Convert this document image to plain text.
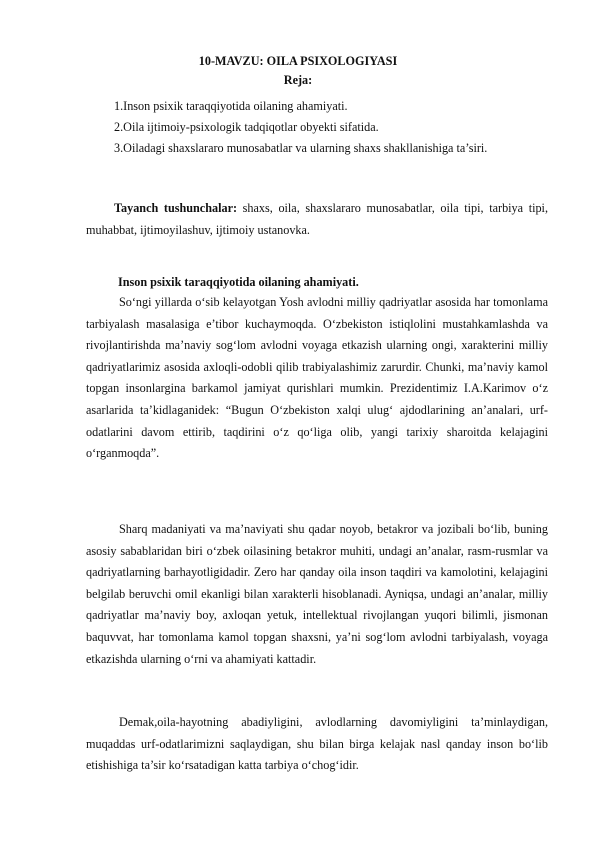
10-MAVZU: OILA PSIXOLOGIYASI
Reja:
1.Inson psixik taraqqiyotida oilaning ahamiyati.
2.Oila ijtimoiy-psixologik tadqiqotlar obyekti sifatida.
3.Oiladagi shaxslararo munosabatlar va ularning shaxs shakllanishiga ta’siri.

Tayanch tushunchalar: shaxs, oila, shaxslararo munosabatlar, oila tipi, tarbiya tipi, muhabbat, ijtimoyilashuv, ijtimoiy ustanovka.

Inson psixik taraqqiyotida oilaning ahamiyati.

So‘ngi yillarda o‘sib kelayotgan Yosh avlodni milliy qadriyatlar asosida har tomonlama tarbiyalash masalasiga e’tibor kuchaymoqda. O‘zbekiston istiqlolini mustahkamlashda va rivojlantirishda ma’naviy sog‘lom avlodni voyaga etkazish ularning ongi, xarakterini milliy qadriyatlarimiz asosida axloqli-odobli qilib trabiyalashimiz zarurdir. Chunki, ma’naviy kamol topgan insonlargina barkamol jamiyat qurishlari mumkin. Prezidentimiz I.A.Karimov o‘z asarlarida ta’kidlaganidek: “Bugun O‘zbekiston xalqi ulug‘ ajdodlarining an’analari, urf-odatlarini davom ettirib, taqdirini o‘z qo‘liga olib, yangi tarixiy sharoitda kelajagini o‘rganmoqda”.

Sharq madaniyati va ma’naviyati shu qadar noyob, betakror va jozibali bo‘lib, buning asosiy sabablaridan biri o‘zbek oilasining betakror muhiti, undagi an’analar, rasm-rusmlar va qadriyatlarning barhayotligidadir. Zero har qanday oila inson taqdiri va kamolotini, kelajagini belgilab beruvchi omil ekanligi bilan xarakterli hisoblanadi. Ayniqsa, undagi an’analar, milliy qadriyatlar ma’naviy boy, axloqan yetuk, intellektual rivojlangan yuqori bilimli, jismonan baquvvat, har tomonlama kamol topgan shaxsni, ya’ni sog‘lom avlodni tarbiyalash, voyaga etkazishda ularning o‘rni va ahamiyati kattadir.

Demak,oila-hayotning abadiyligini, avlodlarning davomiyligini ta’minlaydigan, muqaddas urf-odatlarimizni saqlaydigan, shu bilan birga kelajak nasl qanday inson bo‘lib etishishiga ta’sir ko‘rsatadigan katta tarbiya o‘chog‘idir.
